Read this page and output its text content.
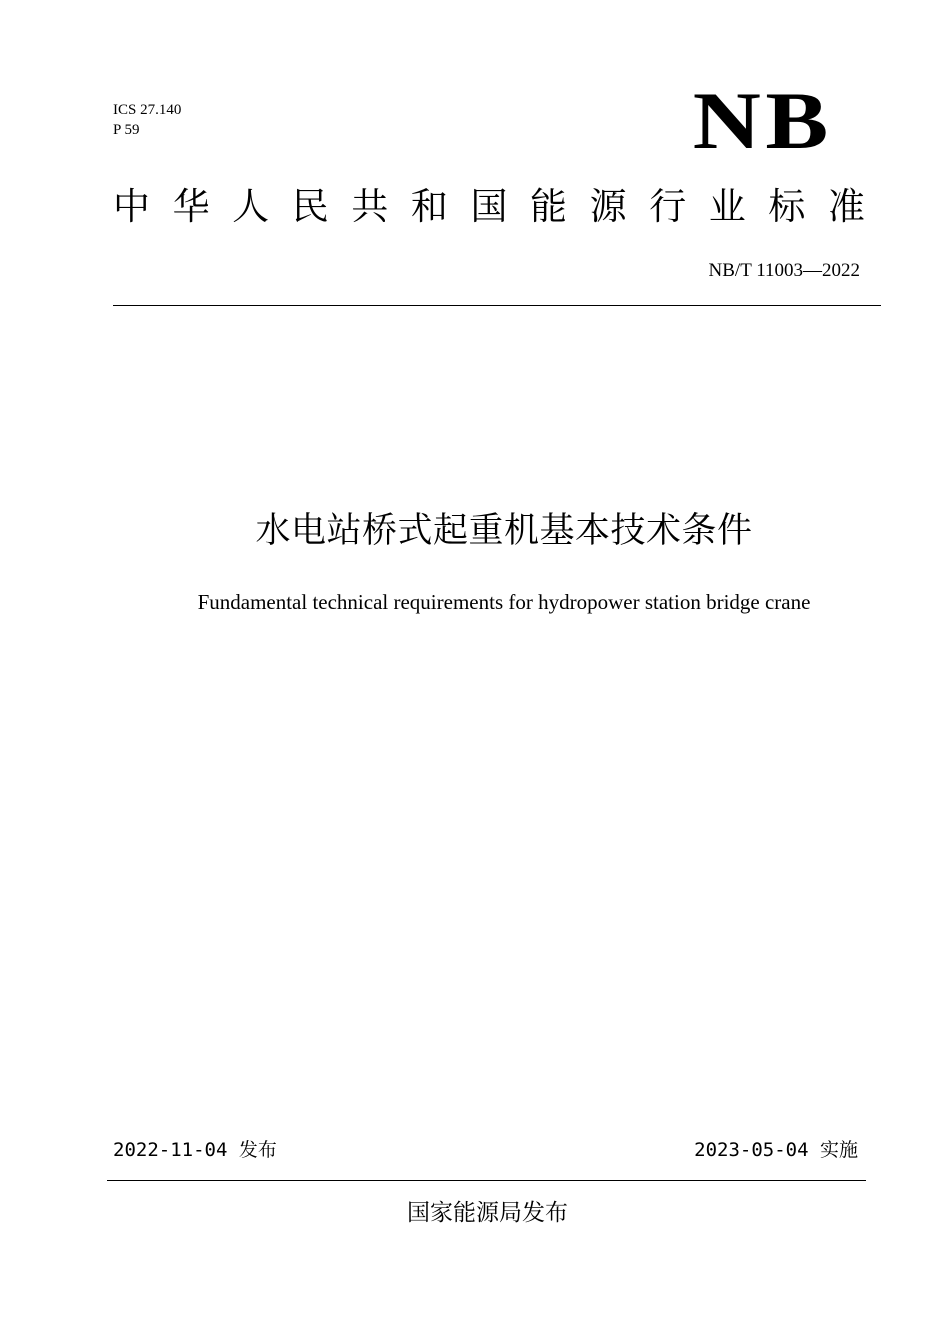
ICS 27.140
P 59	NB
中 华 人 民 共 和 国 能 源 行 业 标 准
NB/T 11003—2022
水电站桥式起重机基本技术条件
Fundamental technical requirements for hydropower station bridge crane
2022-11-04 发布	2023-05-04 实施
国家能源局发布
